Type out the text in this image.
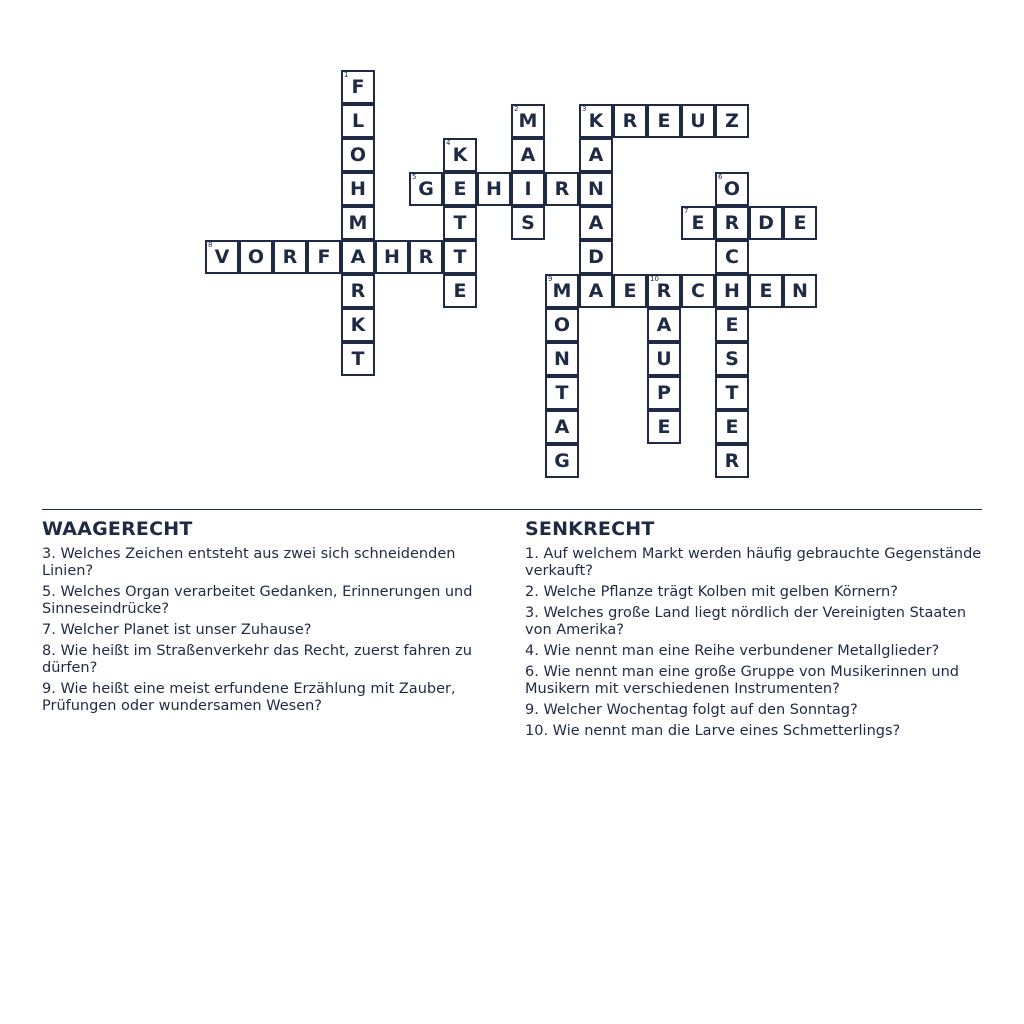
F
1
L
O
H
M
A
R
K
T
M
2
A
I
S
K
3
R E U Z
A
N
A
D
A
K
4
E
T
T
E
G
5
H	R	O
6
R
C
H
E
S
T
E
R
E
7
D E
V
8
O R F	H R
M
9
E R
10
C	E N
O
N
T
A
G
A
U
P
E
WAAGERECHT
3. Welches Zeichen entsteht aus zwei sich schneidenden Linien?
5. Welches Organ verarbeitet Gedanken, Erinnerungen und Sinneseindrücke?
7. Welcher Planet ist unser Zuhause?
8. Wie heißt im Straßenverkehr das Recht, zuerst fahren zu dürfen?
9. Wie heißt eine meist erfundene Erzählung mit Zauber, Prüfungen oder wundersamen Wesen?
SENKRECHT
1. Auf welchem Markt werden häufig gebrauchte Gegenstände verkauft?
2. Welche Pflanze trägt Kolben mit gelben Körnern?
3. Welches große Land liegt nördlich der Vereinigten Staaten von Amerika?
4. Wie nennt man eine Reihe verbundener Metallglieder?
6. Wie nennt man eine große Gruppe von Musikerinnen und Musikern mit verschiedenen Instrumenten?
9. Welcher Wochentag folgt auf den Sonntag?
10. Wie nennt man die Larve eines Schmetterlings?
